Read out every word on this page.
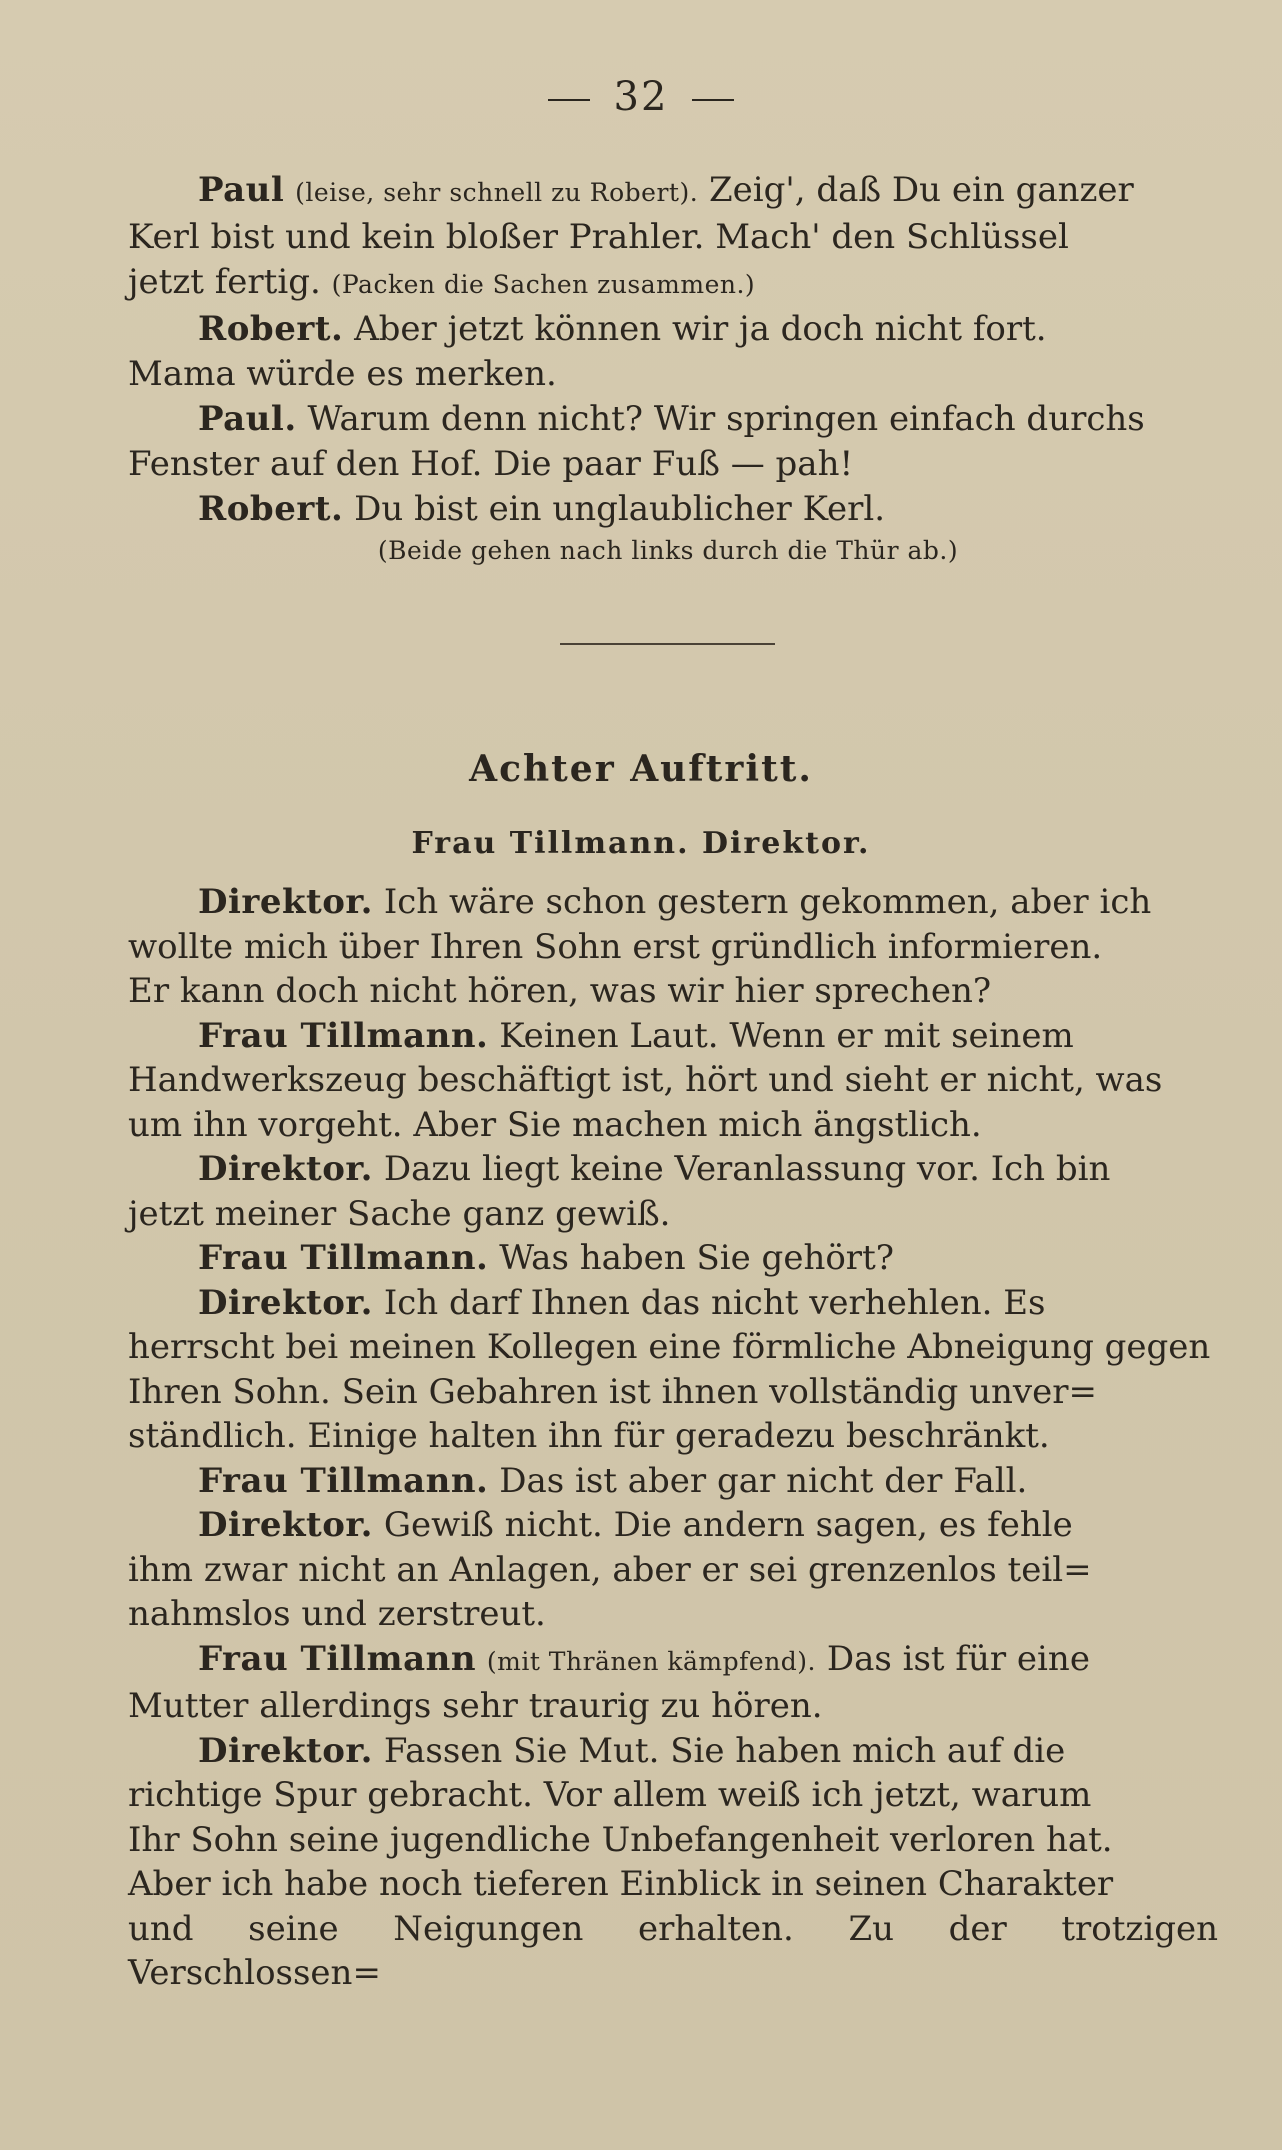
32
Paul (leise, sehr schnell zu Robert). Zeig', daß Du ein ganzer
Kerl bist und kein bloßer Prahler. Mach' den Schlüssel
jetzt fertig. (Packen die Sachen zusammen.)
Robert. Aber jetzt können wir ja doch nicht fort.
Mama würde es merken.
Paul. Warum denn nicht? Wir springen einfach durchs
Fenster auf den Hof. Die paar Fuß — pah!
Robert. Du bist ein unglaublicher Kerl.
(Beide gehen nach links durch die Thür ab.)
Achter Auftritt.
Frau Tillmann. Direktor.
Direktor. Ich wäre schon gestern gekommen, aber ich
wollte mich über Ihren Sohn erst gründlich informieren.
Er kann doch nicht hören, was wir hier sprechen?
Frau Tillmann. Keinen Laut. Wenn er mit seinem
Handwerkszeug beschäftigt ist, hört und sieht er nicht, was
um ihn vorgeht. Aber Sie machen mich ängstlich.
Direktor. Dazu liegt keine Veranlassung vor. Ich bin
jetzt meiner Sache ganz gewiß.
Frau Tillmann. Was haben Sie gehört?
Direktor. Ich darf Ihnen das nicht verhehlen. Es
herrscht bei meinen Kollegen eine förmliche Abneigung gegen
Ihren Sohn. Sein Gebahren ist ihnen vollständig unver=
ständlich. Einige halten ihn für geradezu beschränkt.
Frau Tillmann. Das ist aber gar nicht der Fall.
Direktor. Gewiß nicht. Die andern sagen, es fehle
ihm zwar nicht an Anlagen, aber er sei grenzenlos teil=
nahmslos und zerstreut.
Frau Tillmann (mit Thränen kämpfend). Das ist für eine
Mutter allerdings sehr traurig zu hören.
Direktor. Fassen Sie Mut. Sie haben mich auf die
richtige Spur gebracht. Vor allem weiß ich jetzt, warum
Ihr Sohn seine jugendliche Unbefangenheit verloren hat.
Aber ich habe noch tieferen Einblick in seinen Charakter
und seine Neigungen erhalten. Zu der trotzigen Verschlossen=
